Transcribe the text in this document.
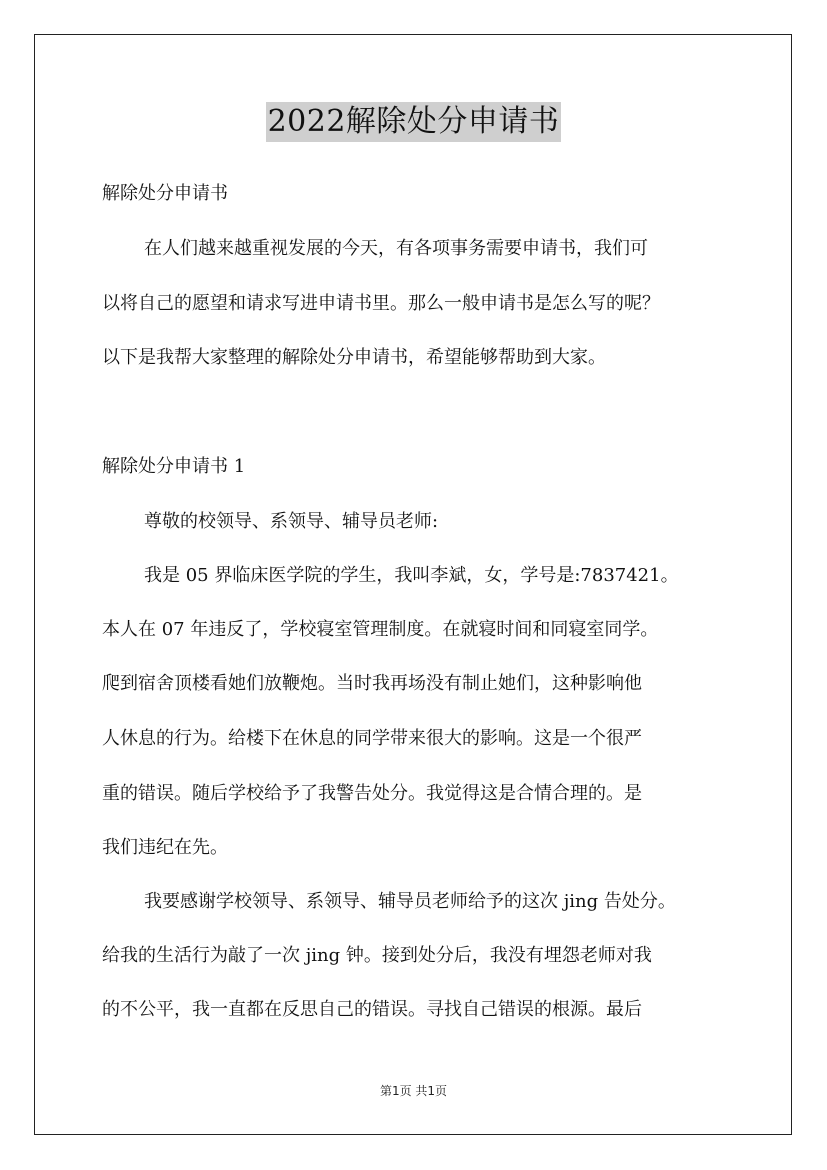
2022解除处分申请书
解除处分申请书
在人们越来越重视发展的今天，有各项事务需要申请书，我们可
以将自己的愿望和请求写进申请书里。那么一般申请书是怎么写的呢？
以下是我帮大家整理的解除处分申请书，希望能够帮助到大家。
解除处分申请书 1
尊敬的校领导、系领导、辅导员老师:
我是 05 界临床医学院的学生，我叫李斌，女，学号是:7837421。
本人在 07 年违反了，学校寝室管理制度。在就寝时间和同寝室同学。
爬到宿舍顶楼看她们放鞭炮。当时我再场没有制止她们，这种影响他
人休息的行为。给楼下在休息的同学带来很大的影响。这是一个很严
重的错误。随后学校给予了我警告处分。我觉得这是合情合理的。是
我们违纪在先。
我要感谢学校领导、系领导、辅导员老师给予的这次 jing 告处分。
给我的生活行为敲了一次 jing 钟。接到处分后，我没有埋怨老师对我
的不公平，我一直都在反思自己的错误。寻找自己错误的根源。最后
第1页 共1页
